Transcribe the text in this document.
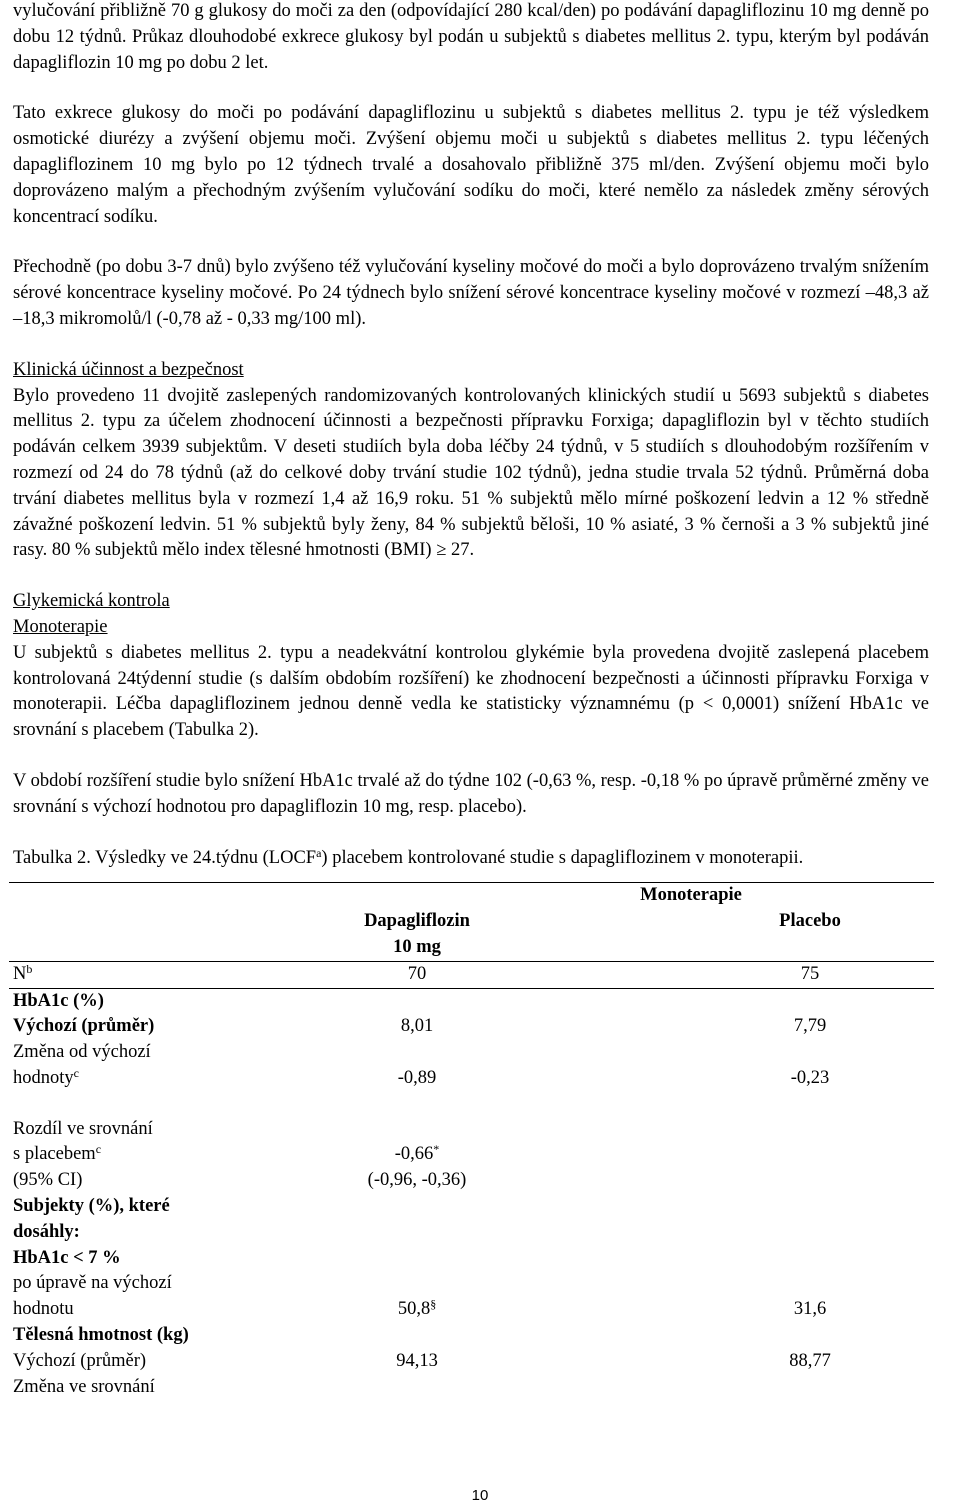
vylučování přibližně 70 g glukosy do moči za den (odpovídající 280 kcal/den) po podávání dapagliflozinu 10 mg denně po dobu 12 týdnů. Průkaz dlouhodobé exkrece glukosy byl podán u subjektů s diabetes mellitus 2. typu, kterým byl podáván dapagliflozin 10 mg po dobu 2 let.

Tato exkrece glukosy do moči po podávání dapagliflozinu u subjektů s diabetes mellitus 2. typu je též výsledkem osmotické diurézy a zvýšení objemu moči. Zvýšení objemu moči u subjektů s diabetes mellitus 2. typu léčených dapagliflozinem 10 mg bylo po 12 týdnech trvalé a dosahovalo přibližně 375 ml/den. Zvýšení objemu moči bylo doprovázeno malým a přechodným zvýšením vylučování sodíku do moči, které nemělo za následek změny sérových koncentrací sodíku.

Přechodně (po dobu 3-7 dnů) bylo zvýšeno též vylučování kyseliny močové do moči a bylo doprovázeno trvalým snížením sérové koncentrace kyseliny močové. Po 24 týdnech bylo snížení sérové koncentrace kyseliny močové v rozmezí –48,3 až –18,3 mikromolů/l (-0,78 až - 0,33 mg/100 ml).

Klinická účinnost a bezpečnost

Bylo provedeno 11 dvojitě zaslepených randomizovaných kontrolovaných klinických studií u 5693 subjektů s diabetes mellitus 2. typu za účelem zhodnocení účinnosti a bezpečnosti přípravku Forxiga; dapagliflozin byl v těchto studiích podáván celkem 3939 subjektům. V deseti studiích byla doba léčby 24 týdnů, v 5 studiích s dlouhodobým rozšířením v rozmezí od 24 do 78 týdnů (až do celkové doby trvání studie 102 týdnů), jedna studie trvala 52 týdnů. Průměrná doba trvání diabetes mellitus byla v rozmezí 1,4 až 16,9 roku. 51 % subjektů mělo mírné poškození ledvin a 12 % středně závažné poškození ledvin. 51 % subjektů byly ženy, 84 % subjektů běloši, 10 % asiaté, 3 % černoši a 3 % subjektů jiné rasy. 80 % subjektů mělo index tělesné hmotnosti (BMI) ≥ 27.

Glykemická kontrola

Monoterapie

U subjektů s diabetes mellitus 2. typu a neadekvátní kontrolou glykémie byla provedena dvojitě zaslepená placebem kontrolovaná 24týdenní studie (s dalším obdobím rozšíření) ke zhodnocení bezpečnosti a účinnosti přípravku Forxiga v monoterapii. Léčba dapagliflozinem jednou denně vedla ke statisticky významnému (p < 0,0001) snížení HbA1c ve srovnání s placebem (Tabulka 2).

V období rozšíření studie bylo snížení HbA1c trvalé až do týdne 102 (-0,63 %, resp. -0,18 % po úpravě průměrné změny ve srovnání s výchozí hodnotou pro dapagliflozin 10 mg, resp. placebo).

Tabulka 2. Výsledky ve 24.týdnu (LOCF$^a$) placebem kontrolované studie s dapagliflozinem v monoterapii.

	Monoterapie	
	Dapagliflozin
10 mg	Placebo
$N^b$	70	75
HbA1c (%)		
Výchozí (průměr)	8,01	7,79
Změna od výchozí
hodnoty$^c$	-0,89	-0,23

Rozdíl ve srovnání
s placebem$^c$
(95% CI)	-0,66*
(-0,96, -0,36)	
Subjekty (%), které
dosáhly:
HbA1c < 7 %
po úpravě na výchozí
hodnotu	50,8§	31,6
Tělesná hmotnost (kg)		
Výchozí (průměr)	94,13	88,77
Změna ve srovnání		
10
